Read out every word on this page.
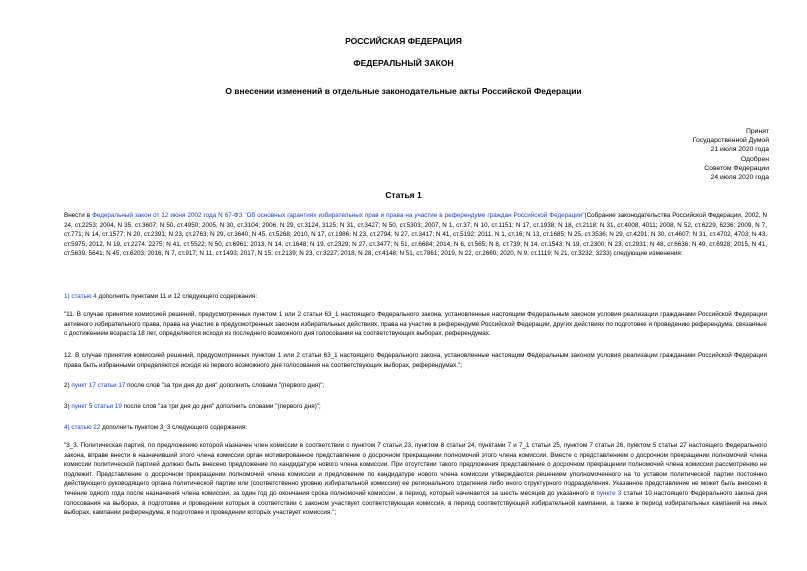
РОССИЙСКАЯ ФЕДЕРАЦИЯ
ФЕДЕРАЛЬНЫЙ ЗАКОН
О внесении изменений в отдельные законодательные акты Российской Федерации
Принят
Государственной Думой
21 июля 2020 года
Одобрен
Советом Федерации
24 июля 2020 года
Статья 1

Внести в Федеральный закон от 12 июня 2002 года N 67-ФЗ "Об основных гарантиях избирательных прав и права на участие в референдуме граждан Российской Федерации"(Собрание законодательства Российской Федерации, 2002, N 24, ст.2253; 2004, N 35, ст.3607; N 50, ст.4950; 2005, N 30, ст.3104; 2006, N 29, ст.3124, 3125; N 31, ст.3427; N 50, ст.5303; 2007, N 1, ст.37; N 10, ст.1151; N 17, ст.1938; N 18, ст.2118; N 31, ст.4008, 4011; 2008, N 52, ст.6229, 6236; 2009, N 7, ст.771; N 14, ст.1577; N 20, ст.2391; N 23, ст.2763; N 29, ст.3640; N 45, ст.5268; 2010, N 17, ст.1986; N 23, ст.2794; N 27, ст.3417; N 41, ст.5192; 2011, N 1, ст.16; N 13, ст.1685; N 25, ст.3536; N 29, ст.4291; N 30, ст.4607; N 31, ст.4702, 4703; N 43, ст.5975; 2012, N 19, ст.2274, 2275; N 41, ст.5522; N 50, ст.6961; 2013, N 14, ст.1648; N 19, ст.2329; N 27, ст.3477; N 51, ст.6684; 2014, N 6, ст.565; N 8, ст.739; N 14, ст.1543; N 19, ст.2300; N 23, ст.2931; N 48, ст.6636; N 49, ст.6928; 2015, N 41, ст.5639, 5641; N 45, ст.6203; 2016, N 7, ст.917; N 11, ст.1493; 2017, N 15, ст.2139; N 23, ст.3227; 2018, N 28, ст.4148; N 51, ст.7861; 2019, N 22, ст.2660; 2020, N 9, ст.1119; N 21, ст.3232, 3233) следующие изменения:

1) статью 4 дополнить пунктами 11 и 12 следующего содержания:

"11. В случае принятия комиссией решений, предусмотренных пунктом 1 или 2 статьи 63_1 настоящего Федерального закона, установленные настоящим Федеральным законом условия реализации гражданами Российской Федерации активного избирательного права, права на участие в предусмотренных законом избирательных действиях, права на участие в референдуме Российской Федерации, других действиях по подготовке и проведению референдума, связанные с достижением возраста 18 лет, определяются исходя из последнего возможного дня голосования на соответствующих выборах, референдумах.

12. В случае принятия комиссией решений, предусмотренных пунктом 1 или 2 статьи 63_1 настоящего Федерального закона, установленные настоящим Федеральным законом условия реализации гражданами Российской Федерации права быть избранными определяются исходя из первого возможного дня голосования на соответствующих выборах, референдумах.";

2) пункт 17 статьи 17 после слов "за три дня до дня" дополнить словами "(первого дня)";

3) пункт 5 статьи 19 после слов "за три дня до дня" дополнить словами "(первого дня)";

4) статью 22 дополнить пунктом 3_3 следующего содержания:

"3_3. Политическая партия, по предложению которой назначен член комиссии в соответствии с пунктом 7 статьи 23, пунктом 8 статьи 24, пунктами 7 и 7_1 статьи 25, пунктом 7 статьи 26, пунктом 5 статьи 27 настоящего Федерального закона, вправе внести в назначивший этого члена комиссии орган мотивированное представление о досрочном прекращении полномочий этого члена комиссии. Вместе с представлением о досрочном прекращении полномочий члена комиссии политической партией должно быть внесено предложение по кандидатуре нового члена комиссии. При отсутствии такого предложения представление о досрочном прекращении полномочий члена комиссии рассмотрению не подлежит. Представление о досрочном прекращении полномочий члена комиссии и предложение по кандидатуре нового члена комиссии утверждаются решением уполномоченного на то уставом политической партии постоянно действующего руководящего органа политической партии или (соответственно уровню избирательной комиссии) ее регионального отделения либо иного структурного подразделения. Указанное представление не может быть внесено в течение одного года после назначения члена комиссии, за один год до окончания срока полномочий комиссии, в период, который начинается за шесть месяцев до указанного в пункте 3 статьи 10 настоящего Федерального закона дня голосования на выборах, в подготовке и проведении которых в соответствии с законом участвует соответствующая комиссия, в период соответствующей избирательной кампании, а также в период избирательных кампаний на иных выборах, кампании референдума, в подготовке и проведении которых участвует комиссия.";
